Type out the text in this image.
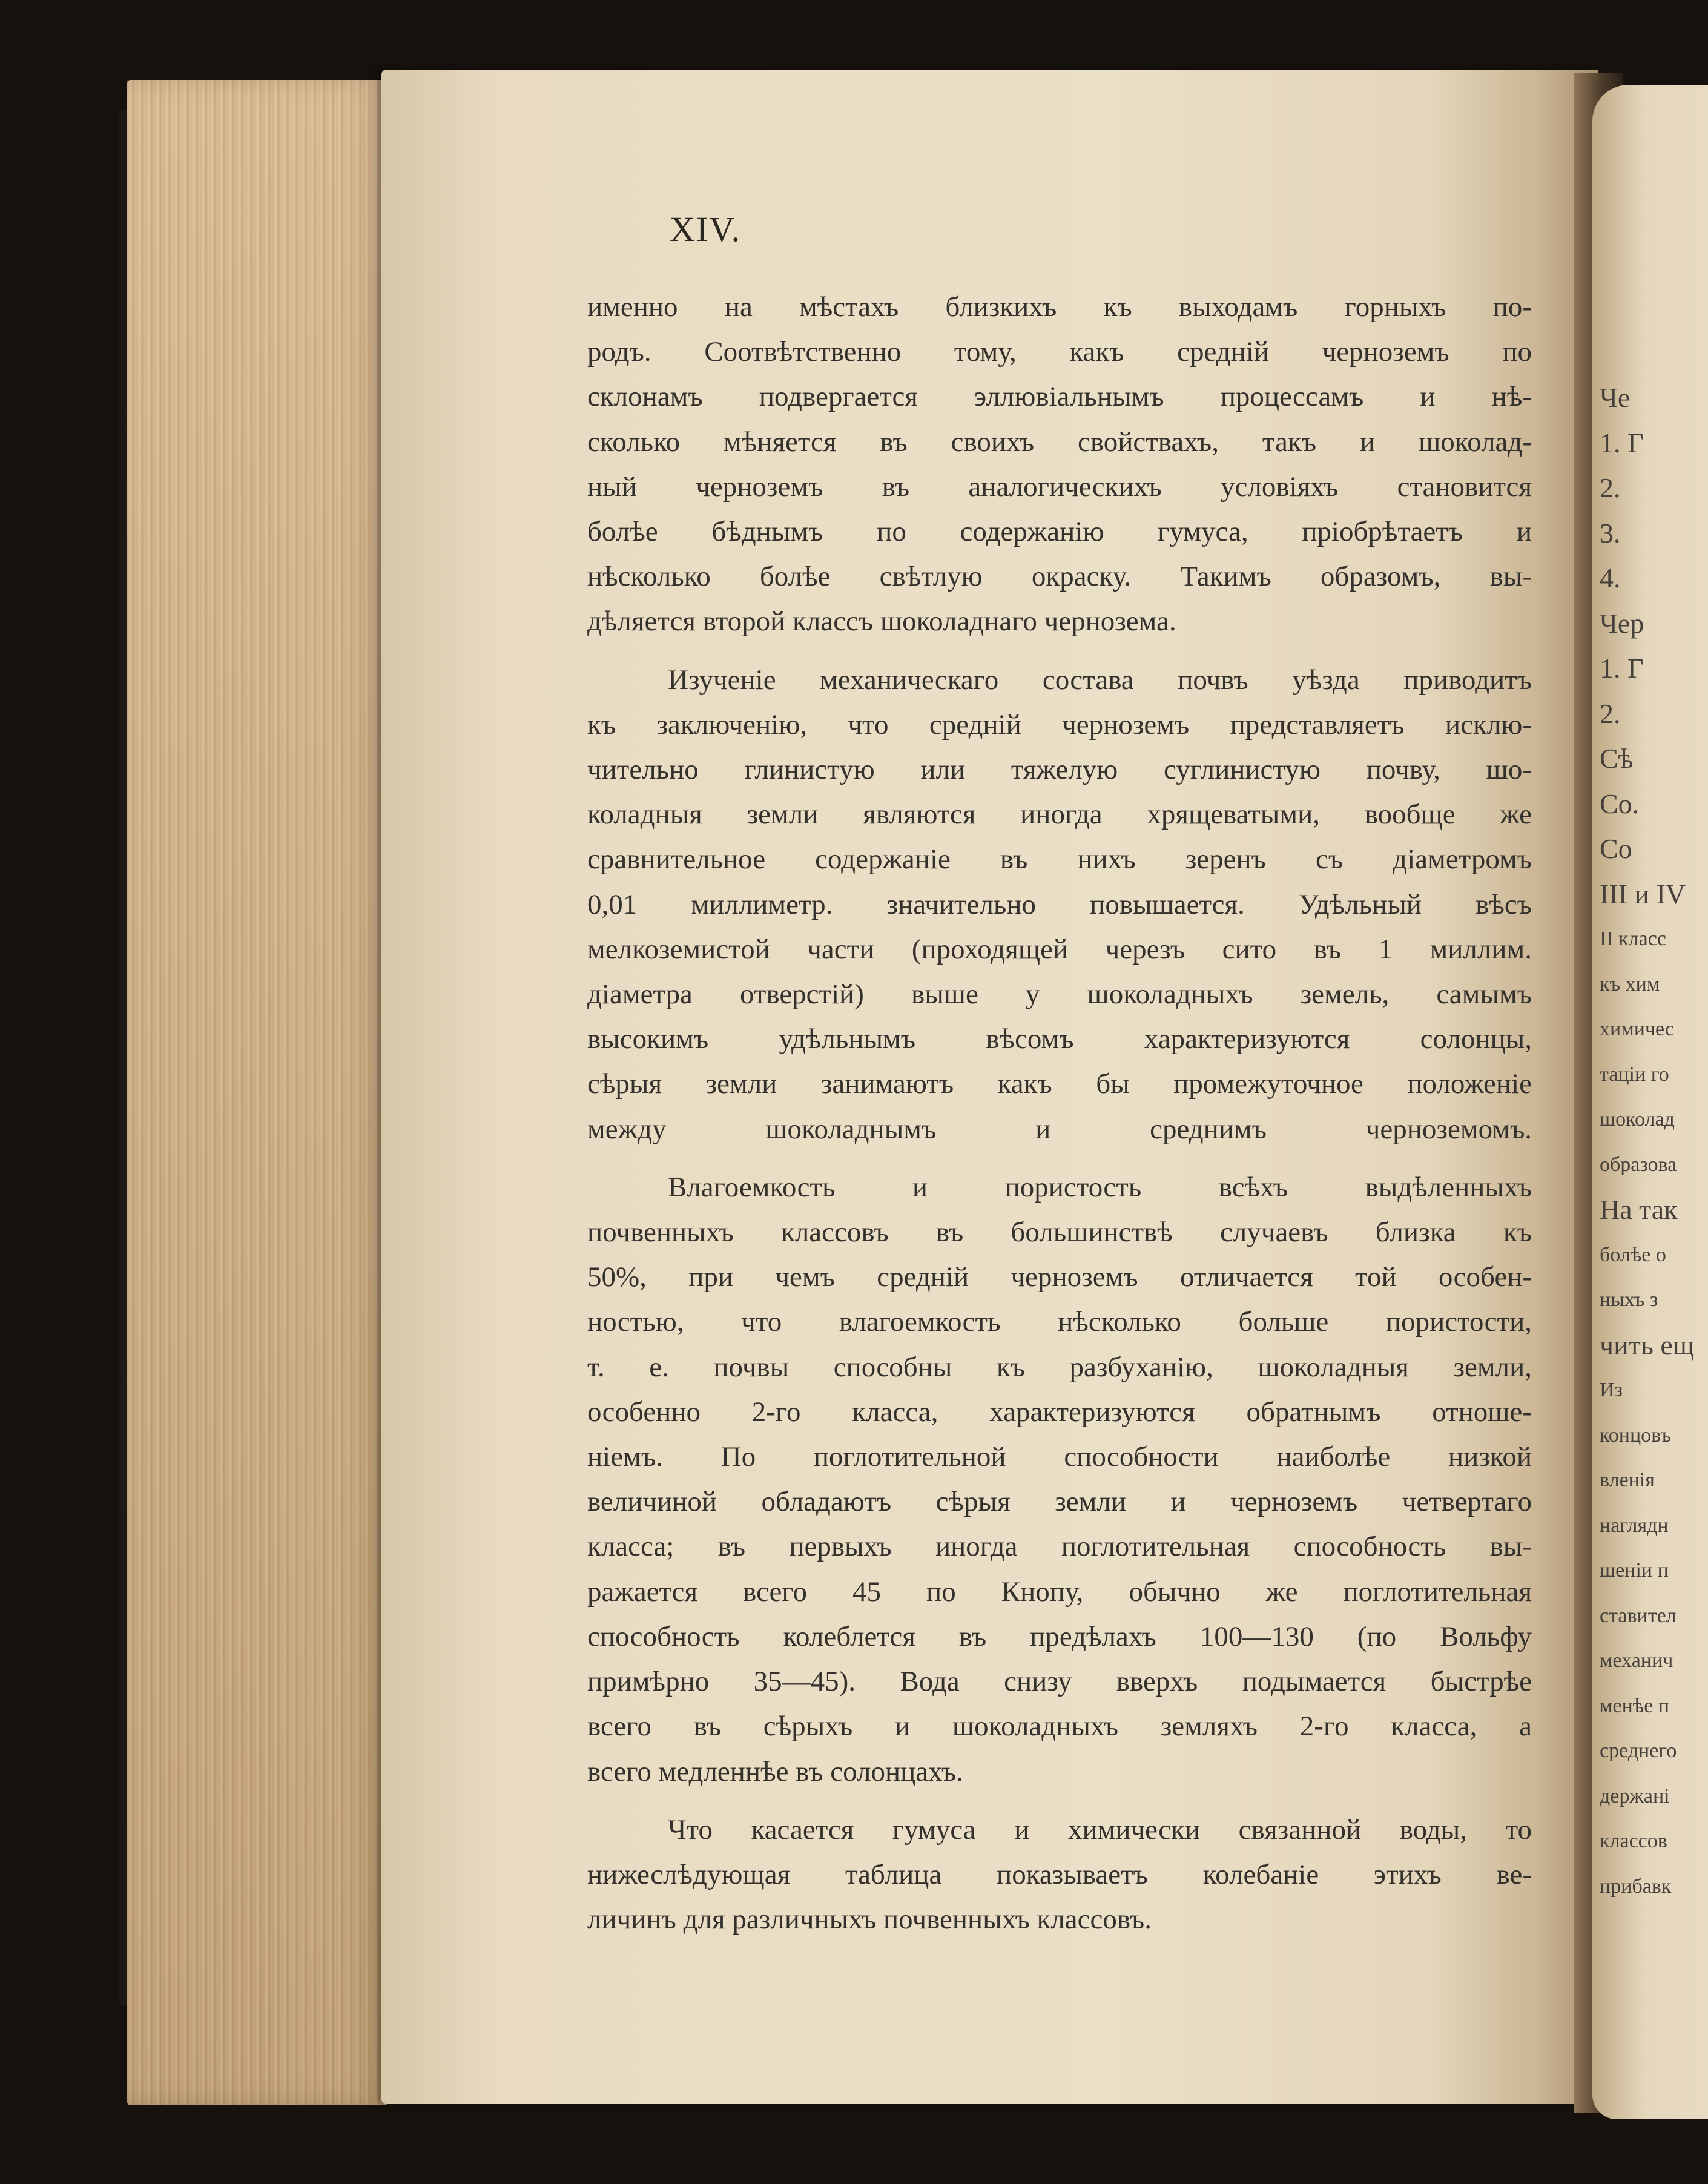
XIV.

именно на мѣстахъ близкихъ къ выходамъ горныхъ по-
родъ. Соотвѣтственно тому, какъ среднiй черноземъ по
склонамъ подвергается эллювiальнымъ процессамъ и нѣ-
сколько мѣняется въ своихъ свойствахъ, такъ и шоколад-
ный черноземъ въ аналогическихъ условiяхъ становится
болѣе бѣднымъ по содержанiю гумуса, прiобрѣтаетъ и
нѣсколько болѣе свѣтлую окраску. Такимъ образомъ, вы-
дѣляется второй классъ шоколаднаго чернозема.

Изученiе механическаго состава почвъ уѣзда приводитъ
къ заключенiю, что среднiй черноземъ представляетъ исклю-
чительно глинистую или тяжелую суглинистую почву, шо-
коладныя земли являются иногда хрящеватыми, вообще же
сравнительное содержанiе въ нихъ зеренъ съ дiаметромъ
0,01 миллиметр. значительно повышается. Удѣльный вѣсъ
мелкоземистой части (проходящей черезъ сито въ 1 миллим.
дiаметра отверстiй) выше у шоколадныхъ земель, самымъ
высокимъ удѣльнымъ вѣсомъ характеризуются солонцы,
сѣрыя земли занимаютъ какъ бы промежуточное положенiе
между шоколаднымъ и среднимъ черноземомъ.

Влагоемкость и пористость всѣхъ выдѣленныхъ
почвенныхъ классовъ въ большинствѣ случаевъ близка къ
50%, при чемъ среднiй черноземъ отличается той особен-
ностью, что влагоемкость нѣсколько больше пористости,
т. е. почвы способны къ разбуханiю, шоколадныя земли,
особенно 2-го класса, характеризуются обратнымъ отноше-
нiемъ. По поглотительной способности наиболѣе низкой
величиной обладаютъ сѣрыя земли и черноземъ четвертаго
класса; въ первыхъ иногда поглотительная способность вы-
ражается всего 45 по Кнопу, обычно же поглотительная
способность колеблется въ предѣлахъ 100—130 (по Вольфу
примѣрно 35—45). Вода снизу вверхъ подымается быстрѣе
всего въ сѣрыхъ и шоколадныхъ земляхъ 2-го класса, а
всего медленнѣе въ солонцахъ.

Что касается гумуса и химически связанной воды, то
нижеслѣдующая таблица показываетъ колебанiе этихъ ве-
личинъ для различныхъ почвенныхъ классовъ.

Че
1. Г
2.
3.
4.
Чер
1. Г
2.
Сѣ
Со.
Со
III и IV
II класс
къ хим
химичес
тацiи го
шоколад
образова
На так
болѣе о
ныхъ з
чить ещ
Из
концовъ
вленiя
наглядн
шенiи п
ставител
механич
менѣе п
среднего
держанi
классов
прибавк
